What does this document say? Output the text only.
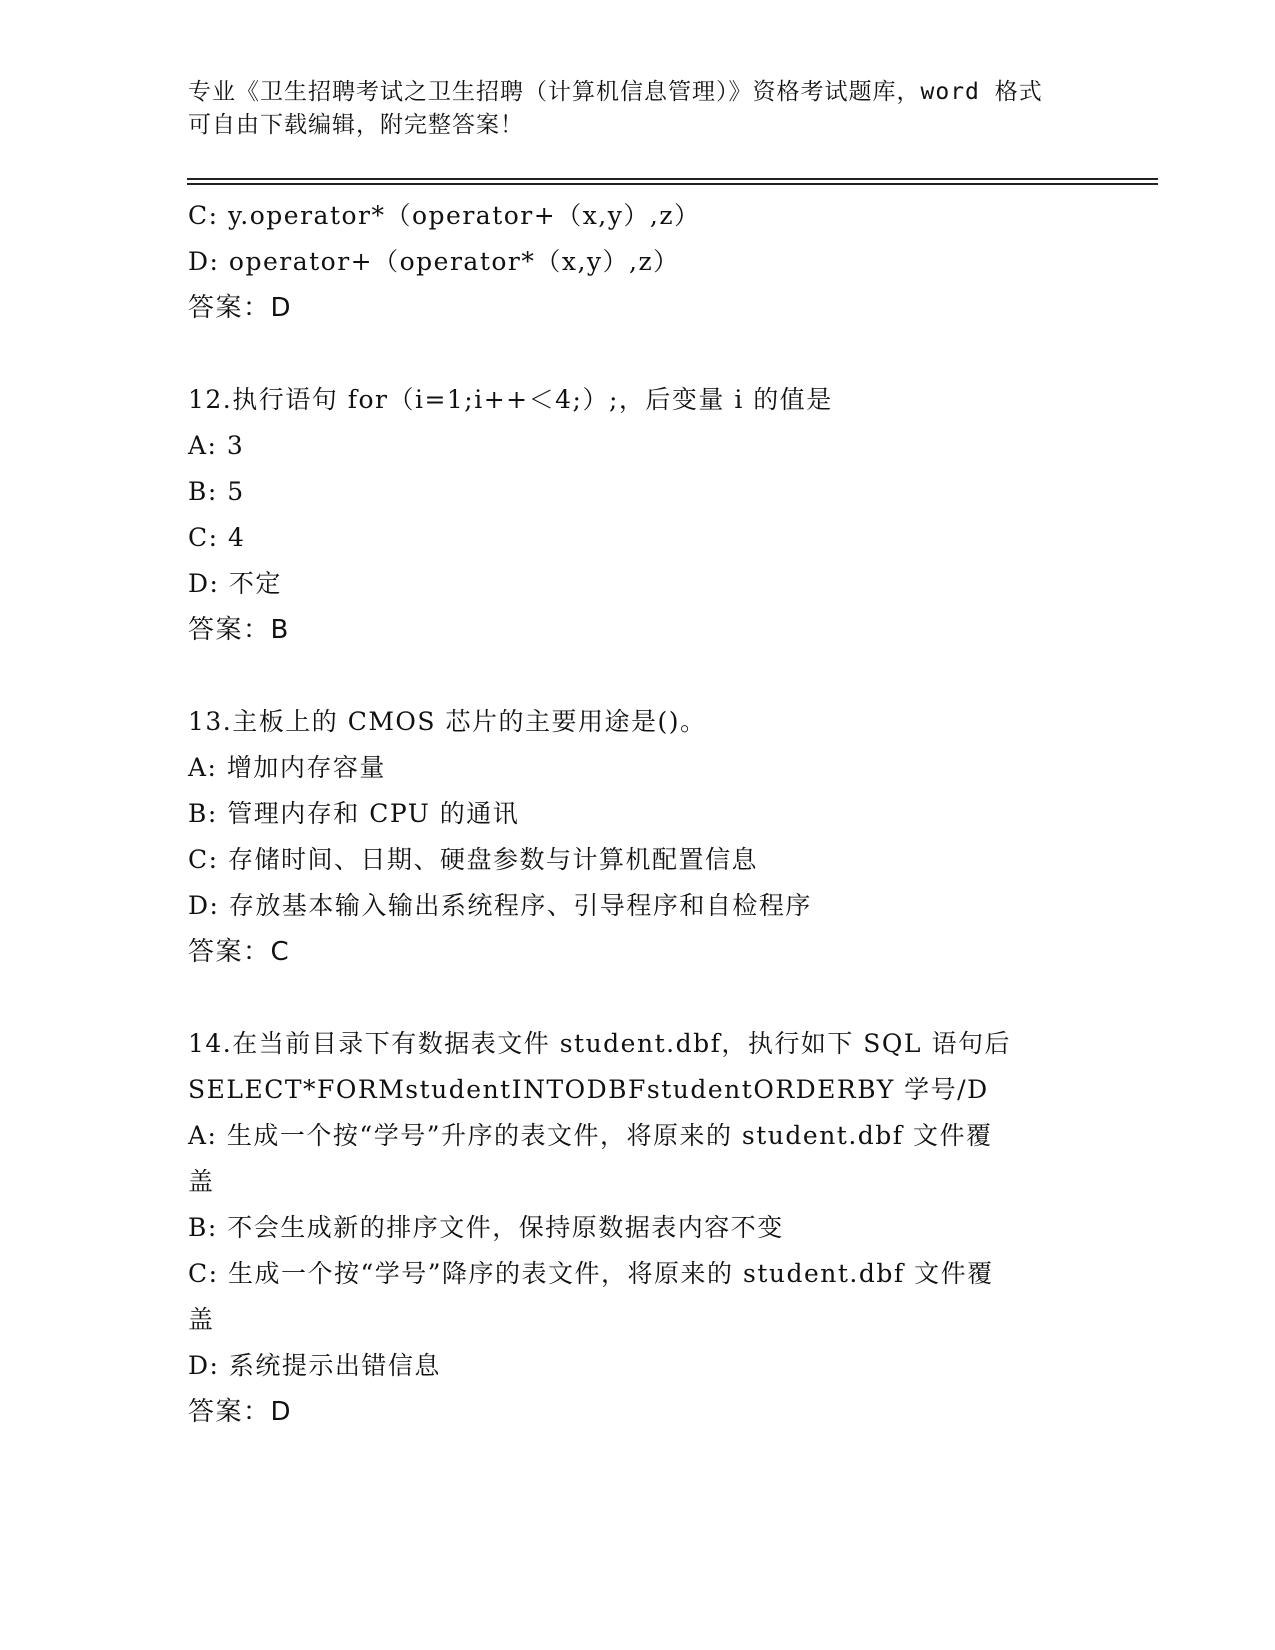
专业《卫生招聘考试之卫生招聘（计算机信息管理）》资格考试题库，word 格式

可自由下载编辑，附完整答案！

C: y.operator*（operator+（x,y）,z）
D: operator+（operator*（x,y）,z）
答案：D
12.执行语句 for（i=1;i++＜4;）;，后变量 i 的值是
A: 3
B: 5
C: 4
D: 不定
答案：B
13.主板上的 CMOS 芯片的主要用途是()。
A: 增加内存容量
B: 管理内存和 CPU 的通讯
C: 存储时间、日期、硬盘参数与计算机配置信息
D: 存放基本输入输出系统程序、引导程序和自检程序
答案：C
14.在当前目录下有数据表文件 student.dbf，执行如下 SQL 语句后
SELECT*FORMstudentINTODBFstudentORDERBY 学号/D
A: 生成一个按“学号”升序的表文件，将原来的 student.dbf 文件覆
盖
B: 不会生成新的排序文件，保持原数据表内容不变
C: 生成一个按“学号”降序的表文件，将原来的 student.dbf 文件覆
盖
D: 系统提示出错信息
答案：D
